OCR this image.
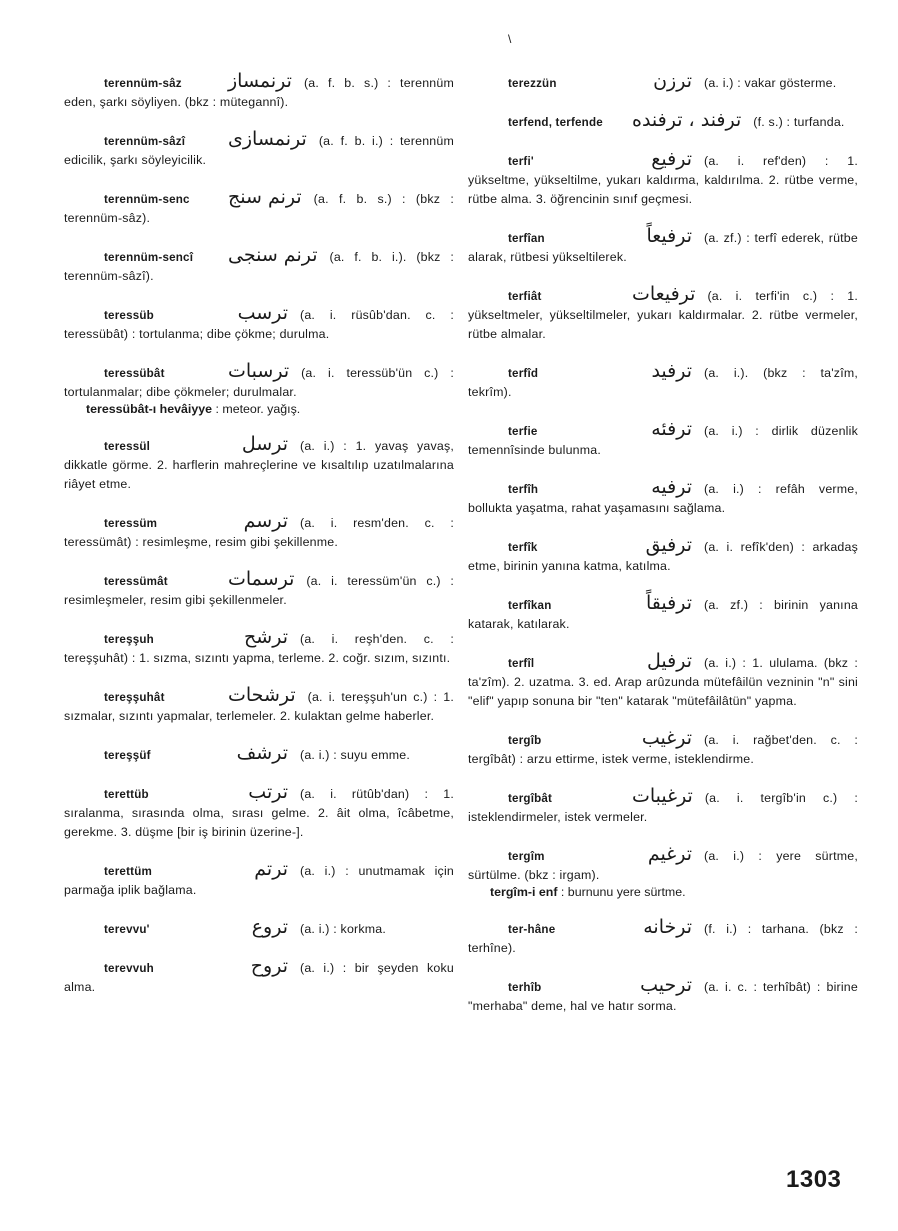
\
terennüm-sâz ترنمساز (a. f. b. s.) : terennüm eden, şarkı söyliyen. (bkz : mütegannî).
terennüm-sâzî ترنمسازی (a. f. b. i.) : terennüm edicilik, şarkı söyleyicilik.
terennüm-senc ترنم سنج (a. f. b. s.) : (bkz : terennüm-sâz).
terennüm-sencî ترنم سنجی (a. f. b. i.). (bkz : terennüm-sâzî).
teressüb	ترسب (a. i. rüsûb'dan. c. : teressübât) : tortulanma; dibe çökme; durulma.
teressübât	ترسبات (a. i. teressüb'ün c.) : tortulanmalar; dibe çökmeler; durulmalar.
teressübât-ı hevâiyye : meteor. yağış.
teressül	ترسل (a. i.) : 1. yavaş yavaş, dikkatle görme. 2. harflerin mahreçlerine ve kısaltılıp uzatılmalarına riâyet etme.
teressüm	ترسم (a. i. resm'den. c. : teressümât) : resimleşme, resim gibi şekillenme.
teressümât	ترسمات (a. i. teressüm'ün c.) : resimleşmeler, resim gibi şekillenmeler.
tereşşuh	ترشح (a. i. reşh'den. c. : tereşşuhât) : 1. sızma, sızıntı yapma, terleme. 2. coğr. sızım, sızıntı.
tereşşuhât	ترشحات (a. i. tereşşuh'un c.) : 1. sızmalar, sızıntı yapmalar, terlemeler. 2. kulaktan gelme haberler.
tereşşüf	ترشف (a. i.) : suyu emme.
terettüb	ترتب (a. i. rütûb'dan) : 1. sıralanma, sırasında olma, sırası gelme. 2. âit olma, îcâbetme, gerekme. 3. düşme [bir iş birinin üzerine-].
terettüm	ترتم (a. i.) : unutmamak için parmağa iplik bağlama.
terevvu'	تروع (a. i.) : korkma.
terevvuh	تروح (a. i.) : bir şeyden koku alma.
terezzün	ترزن (a. i.) : vakar gösterme.
terfend, terfende ترفند ، ترفنده (f. s.) : turfanda.
terfi'	ترفیع (a. i. ref'den) : 1. yükseltme, yükseltilme, yukarı kaldırma, kaldırılma. 2. rütbe verme, rütbe alma. 3. öğrencinin sınıf geçmesi.
terfîan	ترفیعاً (a. zf.) : terfî ederek, rütbe alarak, rütbesi yükseltilerek.
terfiât	ترفیعات (a. i. terfi'in c.) : 1. yükseltmeler, yükseltilmeler, yukarı kaldırmalar. 2. rütbe vermeler, rütbe almalar.
terfîd	ترفید (a. i.). (bkz : ta'zîm, tekrîm).
terfie	ترفئه (a. i.) : dirlik düzenlik temennîsinde bulunma.
terfîh	ترفیه (a. i.) : refâh verme, bollukta yaşatma, rahat yaşamasını sağlama.
terfîk	ترفیق (a. i. refîk'den) : arkadaş etme, birinin yanına katma, katılma.
terfîkan	ترفیقاً (a. zf.) : birinin yanına katarak, katılarak.
terfîl	ترفیل (a. i.) : 1. ululama. (bkz : ta'zîm). 2. uzatma. 3. ed. Arap arûzunda mütefâilün vezninin "n" sini "elif" yapıp sonuna bir "ten" katarak "mütefâilâtün" yapma.
tergîb	ترغیب (a. i. rağbet'den. c. : tergîbât) : arzu ettirme, istek verme, isteklendirme.
tergîbât	ترغیبات (a. i. tergîb'in c.) : isteklendirmeler, istek vermeler.
tergîm	ترغیم (a. i.) : yere sürtme, sürtülme. (bkz : irgam).
tergîm-i enf : burnunu yere sürtme.
ter-hâne	ترخانه (f. i.) : tarhana. (bkz : terhîne).
terhîb	ترحیب (a. i. c. : terhîbât) : birine "merhaba" deme, hal ve hatır sorma.
1303
